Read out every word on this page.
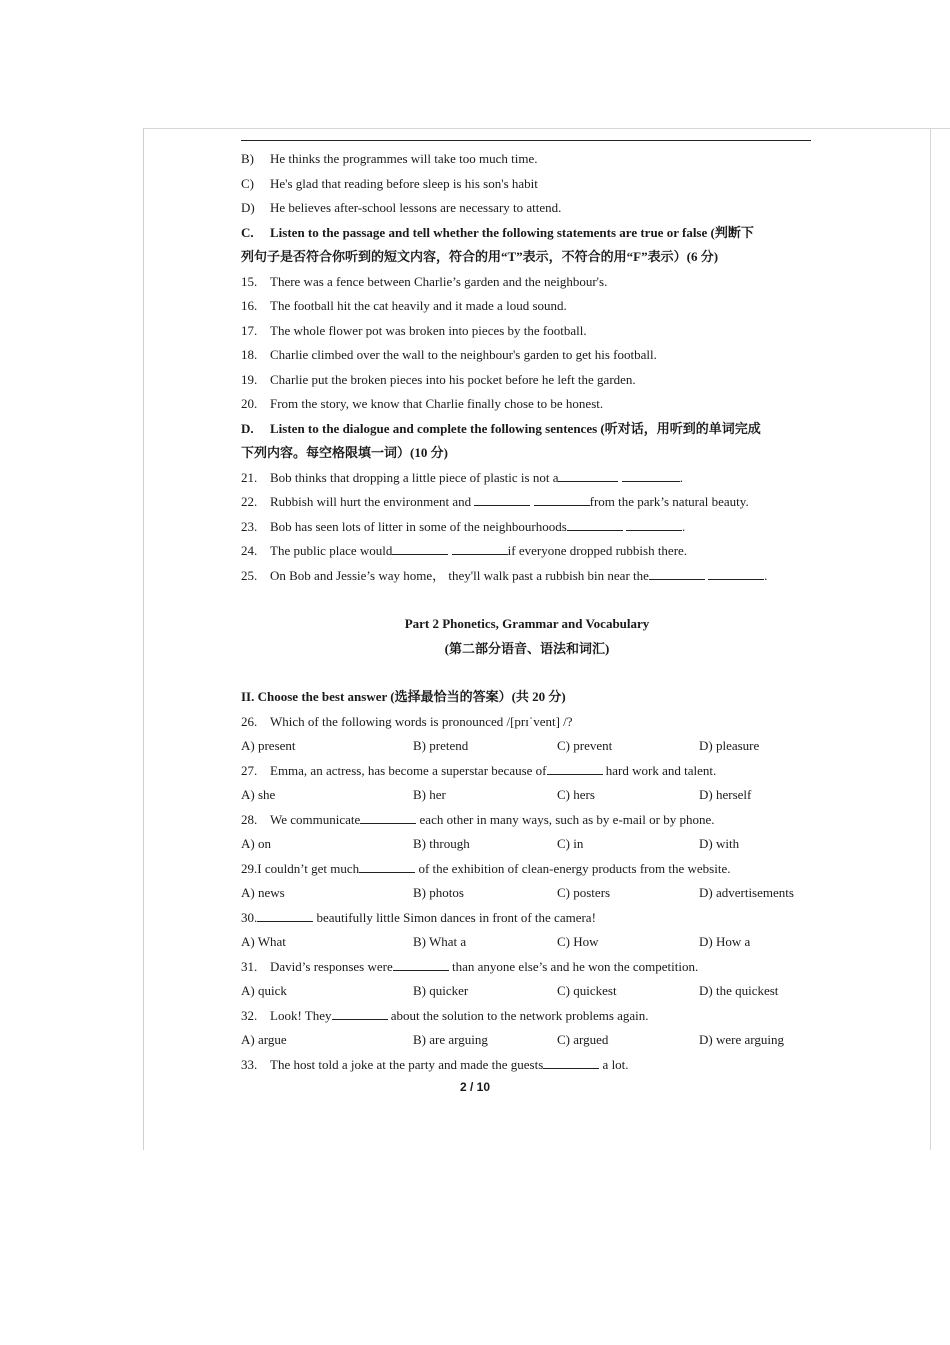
B) He thinks the programmes will take too much time.
C) He's glad that reading before sleep is his son's habit
D) He believes after-school lessons are necessary to attend.
C. Listen to the passage and tell whether the following statements are true or false (判断下
列句子是否符合你听到的短文内容，符合的用“T”表示，不符合的用“F”表示）(6 分)
15. There was a fence between Charlie’s garden and the neighbour's.
16. The football hit the cat heavily and it made a loud sound.
17. The whole flower pot was broken into pieces by the football.
18. Charlie climbed over the wall to the neighbour's garden to get his football.
19. Charlie put the broken pieces into his pocket before he left the garden.
20. From the story, we know that Charlie finally chose to be honest.
D. Listen to the dialogue and complete the following sentences (听对话，用听到的单词完成
下列内容。每空格限填一词）(10 分)
21. Bob thinks that dropping a little piece of plastic is not a	.
22. Rubbish will hurt the environment and	from the park’s natural beauty.
23. Bob has seen lots of litter in some of the neighbourhoods	.
24. The public place would	if everyone dropped rubbish there.
25. On Bob and Jessie’s way home， they'll walk past a rubbish bin near the	.
Part 2 Phonetics, Grammar and Vocabulary
(第二部分语音、语法和词汇)
II. Choose the best answer (选择最恰当的答案）(共 20 分)
26. Which of the following words is pronounced /[prɪˈvent] /?
A) present	B) pretend	C) prevent	D) pleasure
27. Emma, an actress, has become a superstar because of	hard work and talent.
A) she	B) her	C) hers	D) herself
28. We communicate	each other in many ways, such as by e-mail or by phone.
A) on	B) through	C) in	D) with
29.I couldn’t get much	of the exhibition of clean-energy products from the website.
A) news	B) photos	C) posters	D) advertisements
30.	beautifully little Simon dances in front of the camera!
A) What	B) What a	C) How	D) How a
31. David’s responses were	than anyone else’s and he won the competition.
A) quick	B) quicker	C) quickest	D) the quickest
32. Look! They	about the solution to the network problems again.
A) argue	B) are arguing	C) argued	D) were arguing
33. The host told a joke at the party and made the guests	a lot.
2 / 10
